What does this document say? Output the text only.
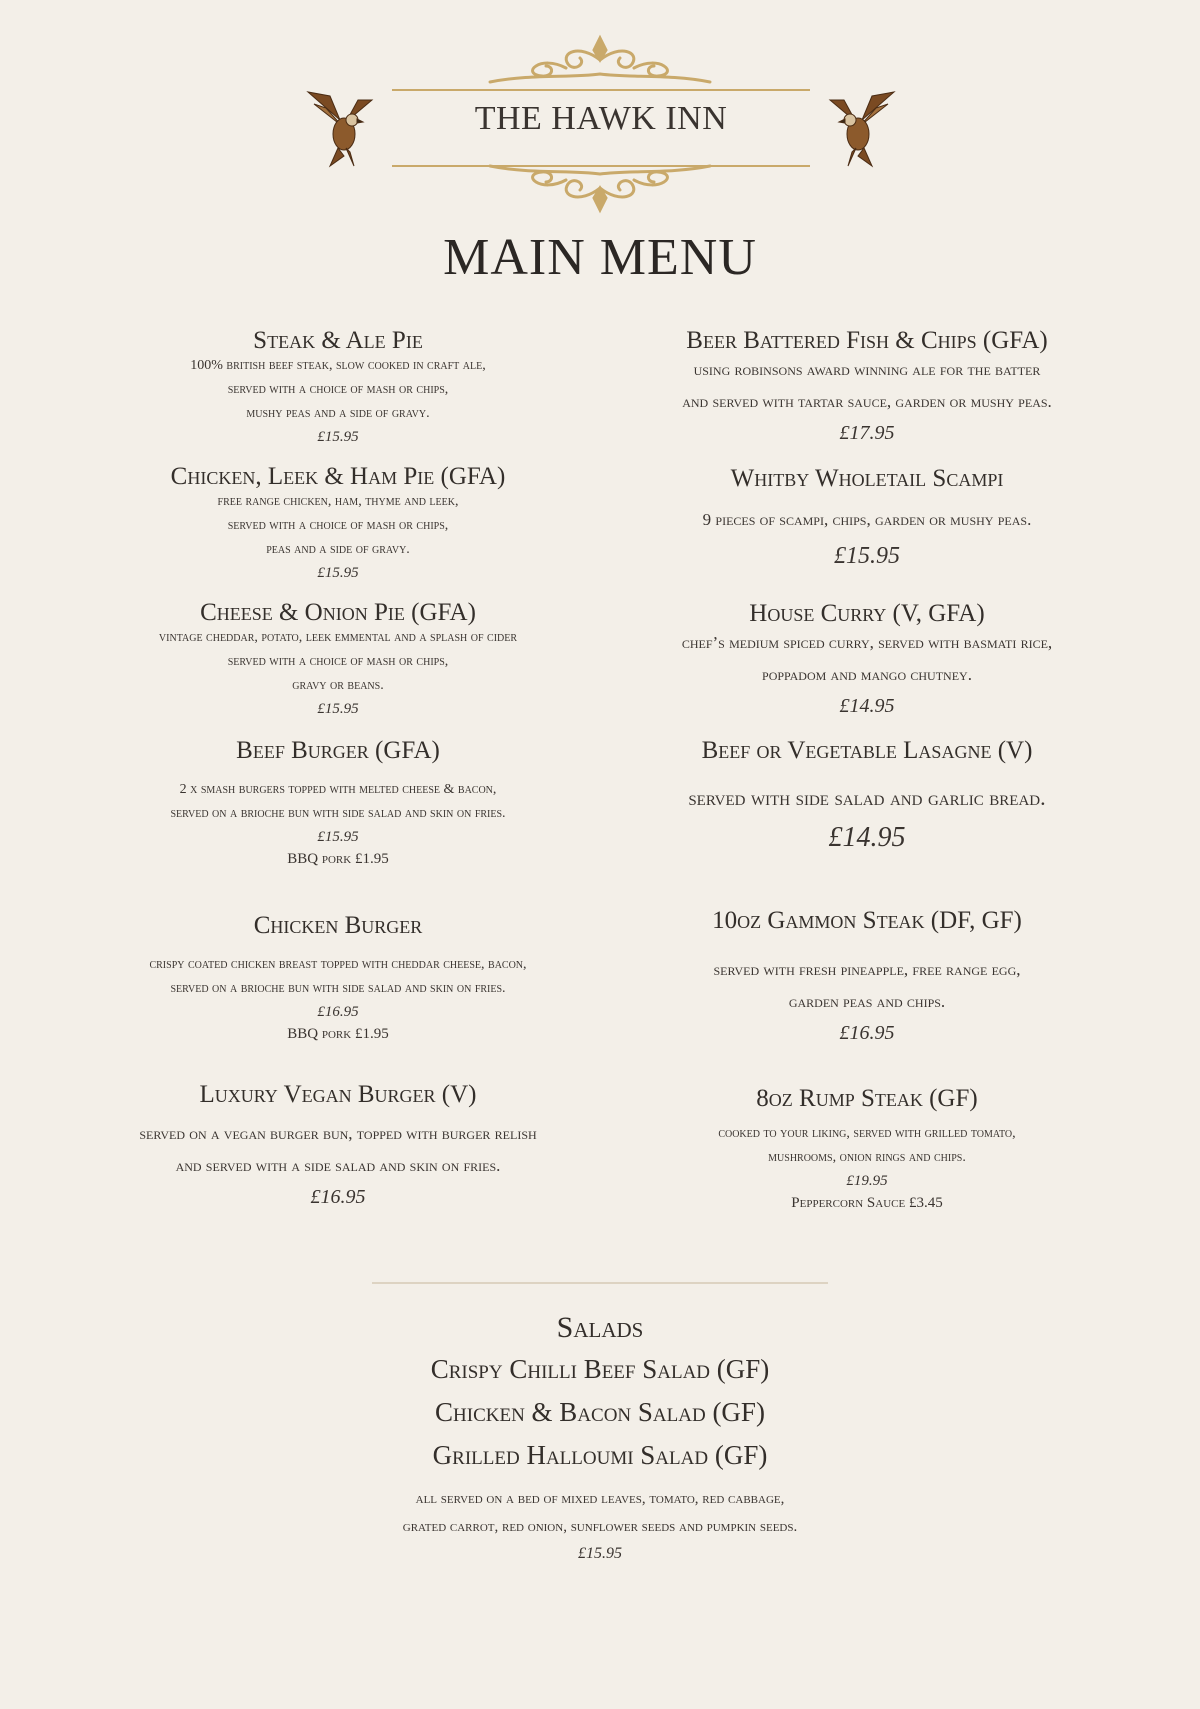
THE HAWK INN
MAIN MENU
Steak & Ale Pie
100% british beef steak, slow cooked in craft ale,
served with a choice of mash or chips,
mushy peas and a side of gravy.
£15.95
Chicken, Leek & Ham Pie (GFA)
free range chicken, ham, thyme and leek,
served with a choice of mash or chips,
peas and a side of gravy.
£15.95
Cheese & Onion Pie (GFA)
vintage cheddar, potato, leek emmental and a splash of cider
served with a choice of mash or chips,
gravy or beans.
£15.95
Beef Burger (GFA)
2 x smash burgers topped with melted cheese & bacon,
served on a brioche bun with side salad and skin on fries.
£15.95
BBQ pork £1.95
Chicken Burger
crispy coated chicken breast topped with cheddar cheese, bacon,
served on a brioche bun with side salad and skin on fries.
£16.95
BBQ pork £1.95
Luxury Vegan Burger (V)
served on a vegan burger bun, topped with burger relish
and served with a side salad and skin on fries.
£16.95
Beer Battered Fish & Chips (GFA)
using robinsons award winning ale for the batter
and served with tartar sauce, garden or mushy peas.
£17.95
Whitby Wholetail Scampi
9 pieces of scampi, chips, garden or mushy peas.
£15.95
House Curry (V, GFA)
chef’s medium spiced curry, served with basmati rice,
poppadom and mango chutney.
£14.95
Beef or Vegetable Lasagne (V)
served with side salad and garlic bread.
£14.95
10oz Gammon Steak (DF, GF)
served with fresh pineapple, free range egg,
garden peas and chips.
£16.95
8oz Rump Steak (GF)
cooked to your liking, served with grilled tomato,
mushrooms, onion rings and chips.
£19.95
Peppercorn Sauce £3.45
Salads
Crispy Chilli Beef Salad (GF)
Chicken & Bacon Salad (GF)
Grilled Halloumi Salad (GF)
all served on a bed of mixed leaves, tomato, red cabbage,
grated carrot, red onion, sunflower seeds and pumpkin seeds.
£15.95
